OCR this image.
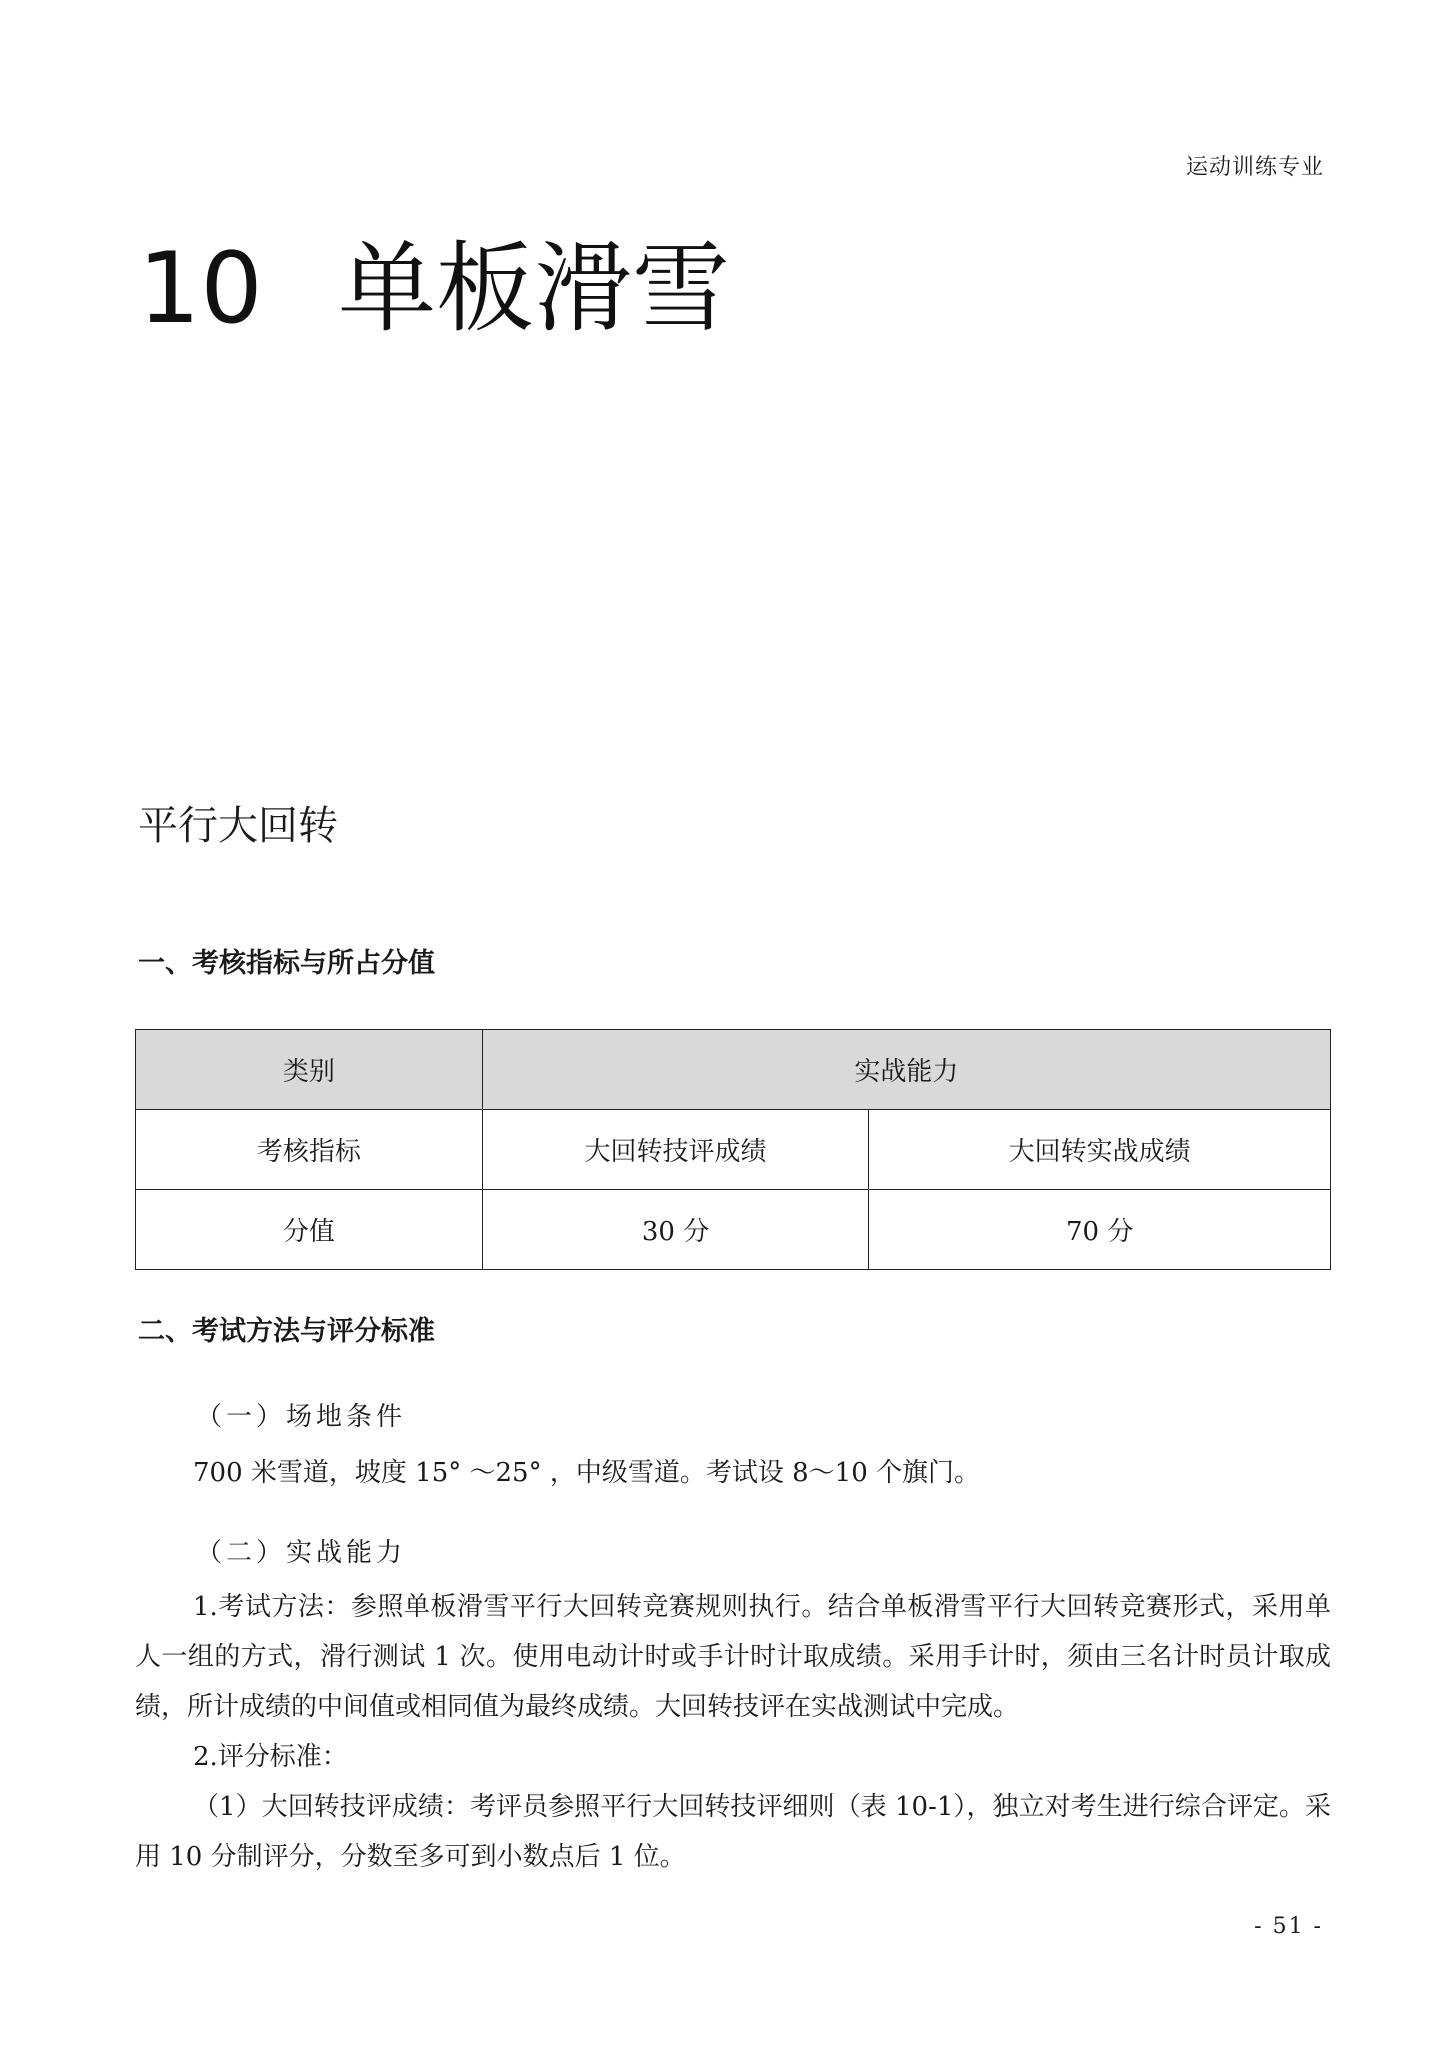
运动训练专业
10 单板滑雪
平行大回转
一、考核指标与所占分值
类别	实战能力	
考核指标	大回转技评成绩	大回转实战成绩
分值	30 分	70 分
二、考试方法与评分标准
（一）场地条件
700 米雪道，坡度 15° ～25° ，中级雪道。考试设 8～10 个旗门。
（二）实战能力
1.考试方法：参照单板滑雪平行大回转竞赛规则执行。结合单板滑雪平行大回转竞赛形式，采用单人一组的方式，滑行测试 1 次。使用电动计时或手计时计取成绩。采用手计时，须由三名计时员计取成绩，所计成绩的中间值或相同值为最终成绩。大回转技评在实战测试中完成。
2.评分标准：
（1）大回转技评成绩：考评员参照平行大回转技评细则（表 10-1），独立对考生进行综合评定。采用 10 分制评分，分数至多可到小数点后 1 位。
- 51 -
